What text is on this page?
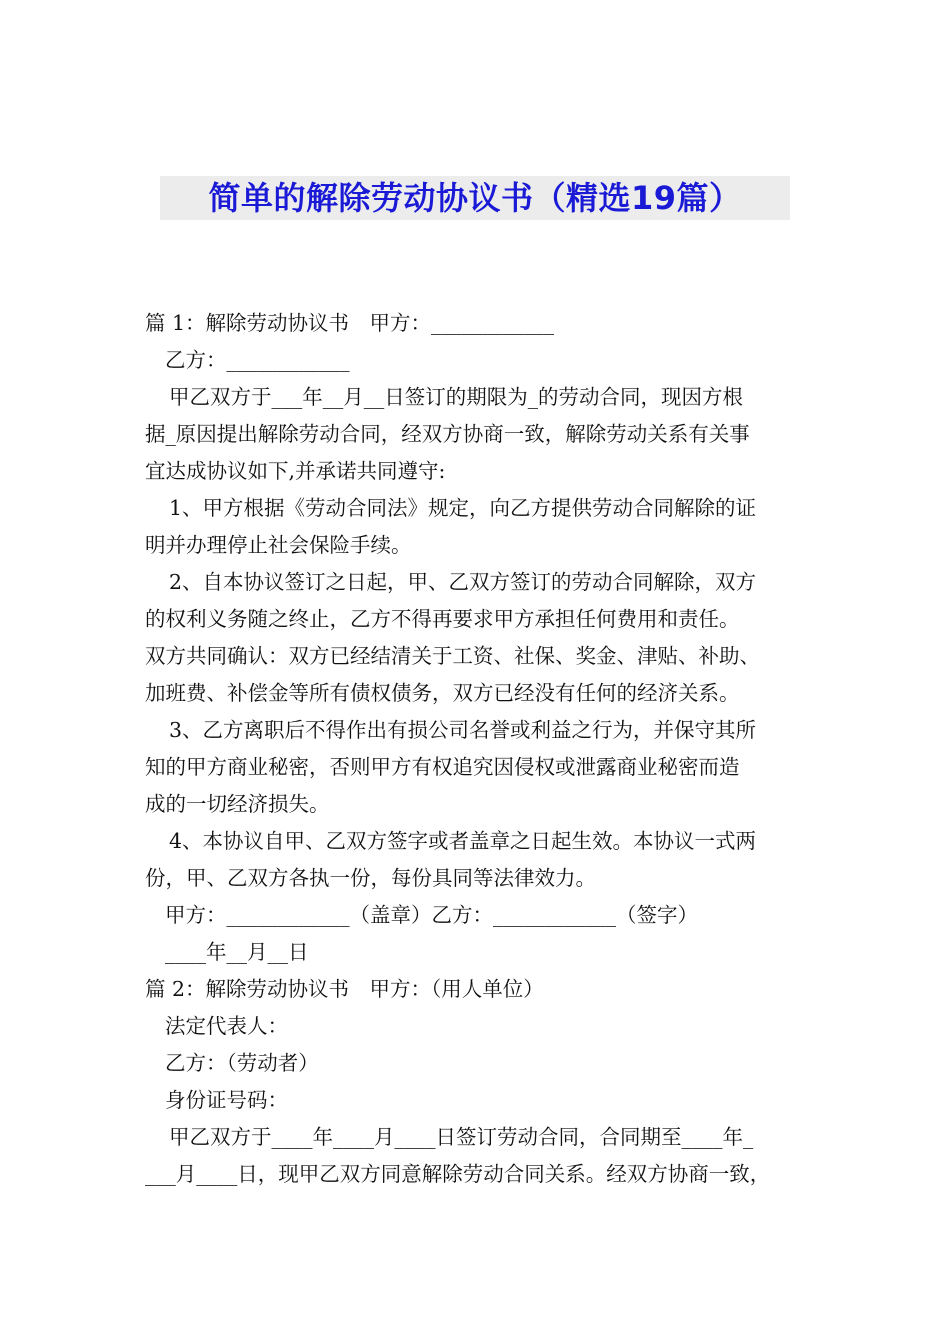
简单的解除劳动协议书（精选19篇）
篇 1：解除劳动协议书　甲方：____________
乙方：____________
甲乙双方于___年__月__日签订的期限为_的劳动合同，现因方根
据_原因提出解除劳动合同，经双方协商一致，解除劳动关系有关事
宜达成协议如下,并承诺共同遵守:
1、甲方根据《劳动合同法》规定，向乙方提供劳动合同解除的证
明并办理停止社会保险手续。
2、自本协议签订之日起，甲、乙双方签订的劳动合同解除，双方
的权利义务随之终止，乙方不得再要求甲方承担任何费用和责任。
双方共同确认：双方已经结清关于工资、社保、奖金、津贴、补助、
加班费、补偿金等所有债权债务，双方已经没有任何的经济关系。
3、乙方离职后不得作出有损公司名誉或利益之行为，并保守其所
知的甲方商业秘密，否则甲方有权追究因侵权或泄露商业秘密而造
成的一切经济损失。
4、本协议自甲、乙双方签字或者盖章之日起生效。本协议一式两
份，甲、乙双方各执一份，每份具同等法律效力。
甲方：____________（盖章）乙方：____________（签字）
____年__月__日
篇 2：解除劳动协议书　甲方：（用人单位）
法定代表人：
乙方：（劳动者）
身份证号码：
甲乙双方于____年____月____日签订劳动合同，合同期至____年_
___月____日，现甲乙双方同意解除劳动合同关系。经双方协商一致，
